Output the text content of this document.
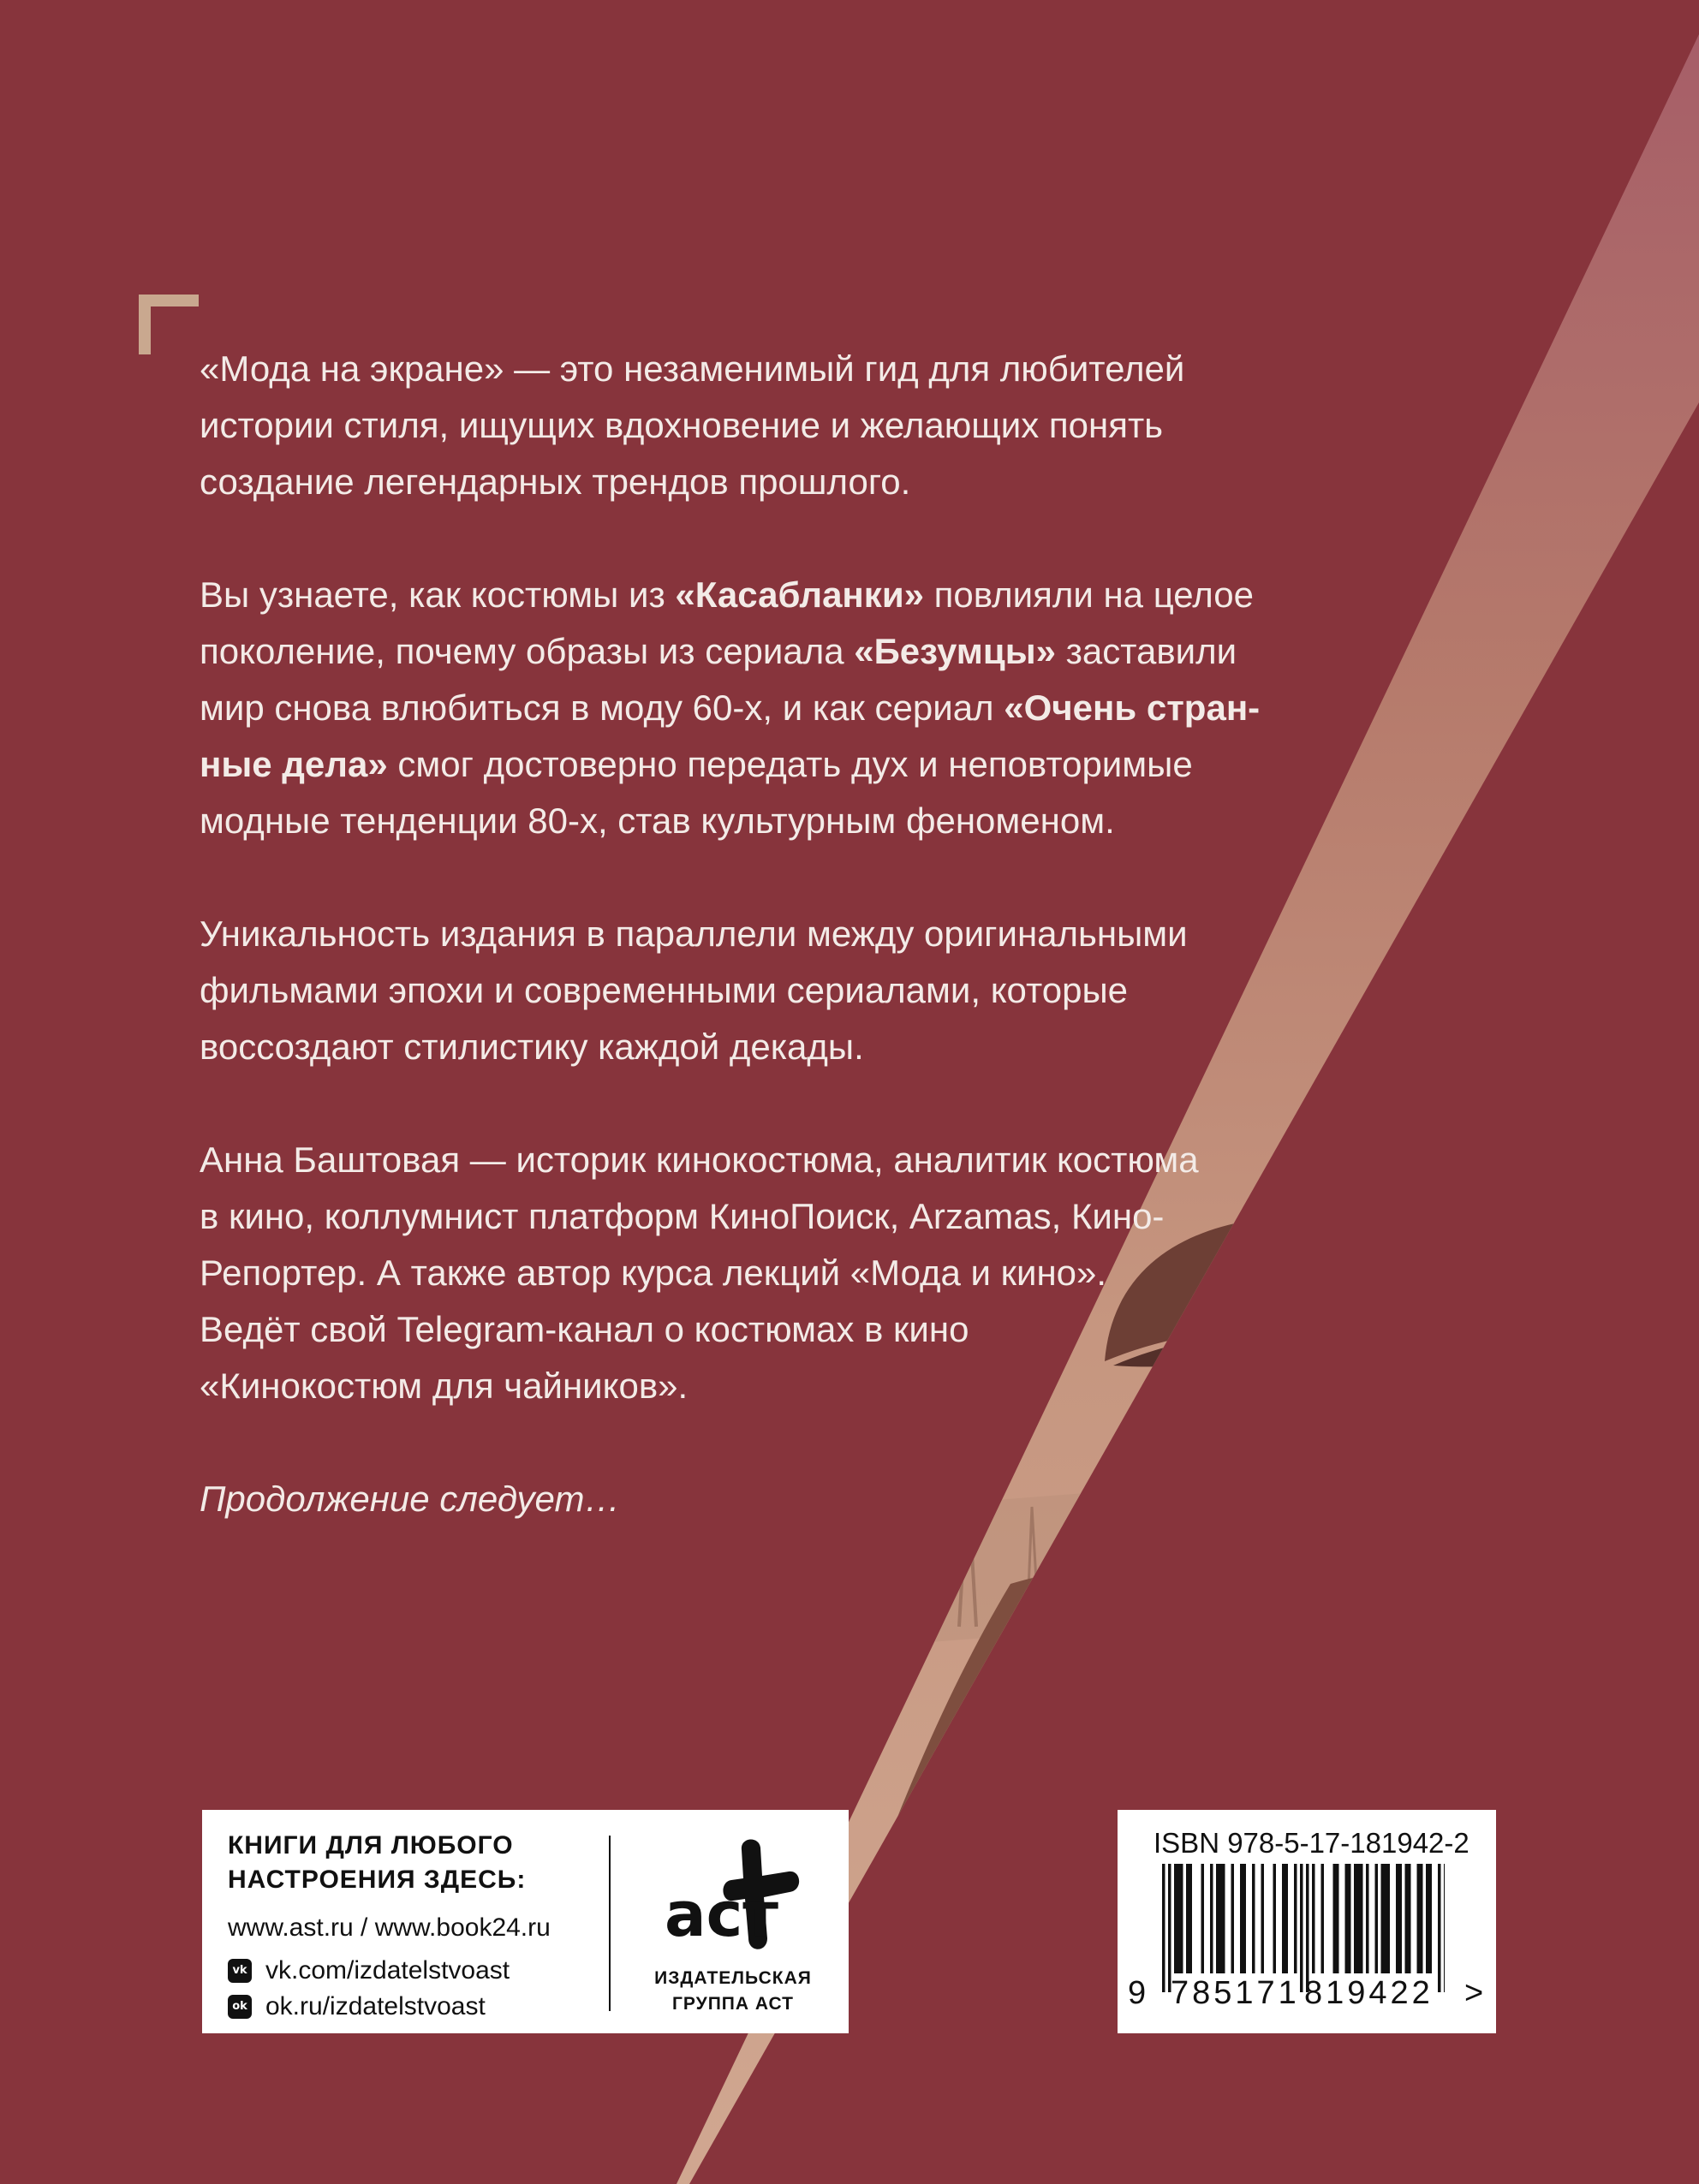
«Мода на экране» — это незаменимый гид для любителей
истории стиля, ищущих вдохновение и желающих понять
создание легендарных трендов прошлого.
Вы узнаете, как костюмы из «Касабланки» повлияли на целое
поколение, почему образы из сериала «Безумцы» заставили
мир снова влюбиться в моду 60-х, и как сериал «Очень стран-
ные дела» смог достоверно передать дух и неповторимые
модные тенденции 80-х, став культурным феноменом.
Уникальность издания в параллели между оригинальными
фильмами эпохи и современными сериалами, которые
воссоздают стилистику каждой декады.
Анна Баштовая — историк кинокостюма, аналитик костюма
в кино, коллумнист платформ КиноПоиск, Arzamas, Кино-
Репортер. А также автор курса лекций «Мода и кино».
Ведёт свой Telegram-канал о костюмах в кино
«Кинокостюм для чайников».
Продолжение следует…
КНИГИ ДЛЯ ЛЮБОГО
НАСТРОЕНИЯ ЗДЕСЬ:
www.ast.ru / www.book24.ru
vk vk.com/izdatelstvoast
ok ok.ru/izdatelstvoast
аст
ИЗДАТЕЛЬСКАЯ
ГРУППА АСТ
ISBN 978-5-17-181942-2
9 785171 819422 >
